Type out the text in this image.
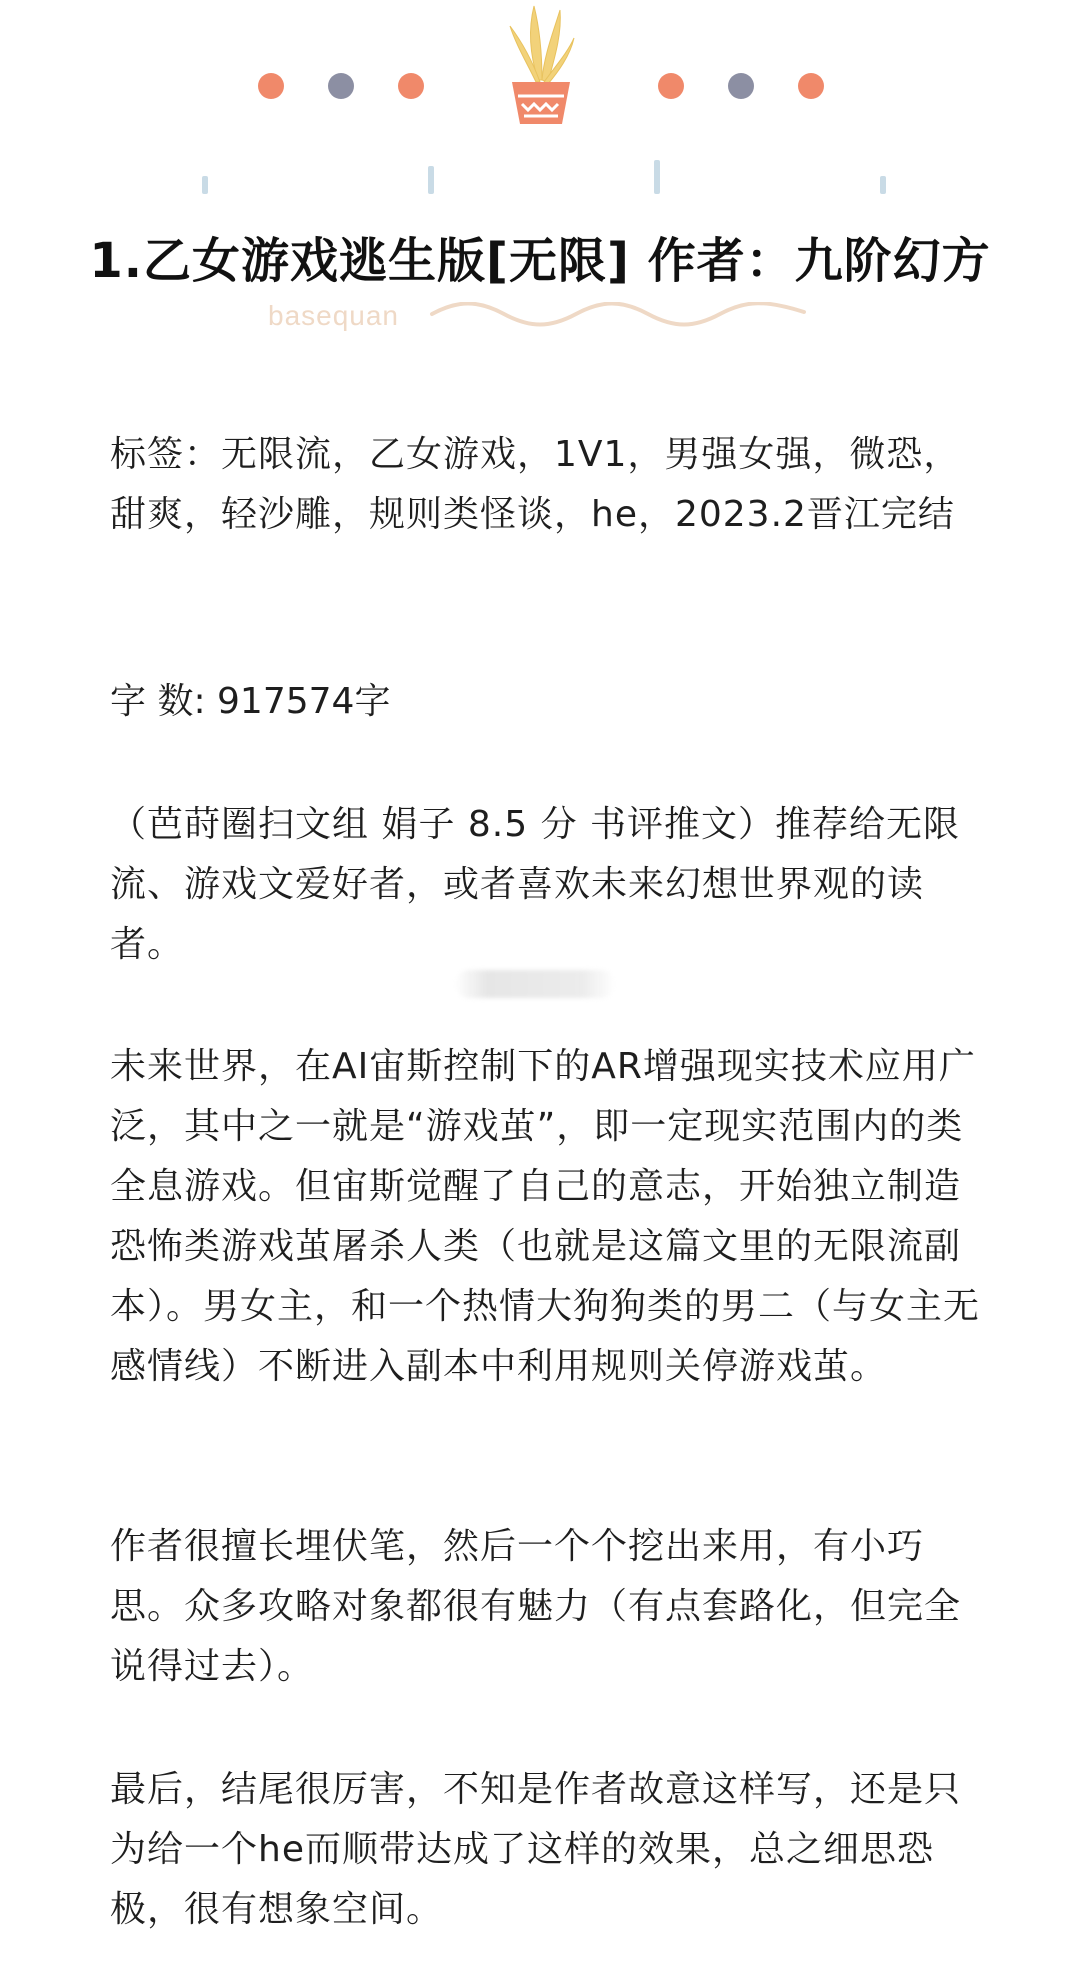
1.乙女游戏逃生版[无限] 作者：九阶幻方
basequan

标签：无限流，乙女游戏，1V1，男强女强，微恐，甜爽，轻沙雕，规则类怪谈，he，2023.2晋江完结

字 数: 917574字

（芭莳圈扫文组 娟子 8.5 分 书评推文）推荐给无限流、游戏文爱好者，或者喜欢未来幻想世界观的读者。

未来世界，在AI宙斯控制下的AR增强现实技术应用广泛，其中之一就是“游戏茧”，即一定现实范围内的类全息游戏。但宙斯觉醒了自己的意志，开始独立制造恐怖类游戏茧屠杀人类（也就是这篇文里的无限流副本）。男女主，和一个热情大狗狗类的男二（与女主无感情线）不断进入副本中利用规则关停游戏茧。

作者很擅长埋伏笔，然后一个个挖出来用，有小巧思。众多攻略对象都很有魅力（有点套路化，但完全说得过去）。

最后，结尾很厉害，不知是作者故意这样写，还是只为给一个he而顺带达成了这样的效果，总之细思恐极，很有想象空间。
